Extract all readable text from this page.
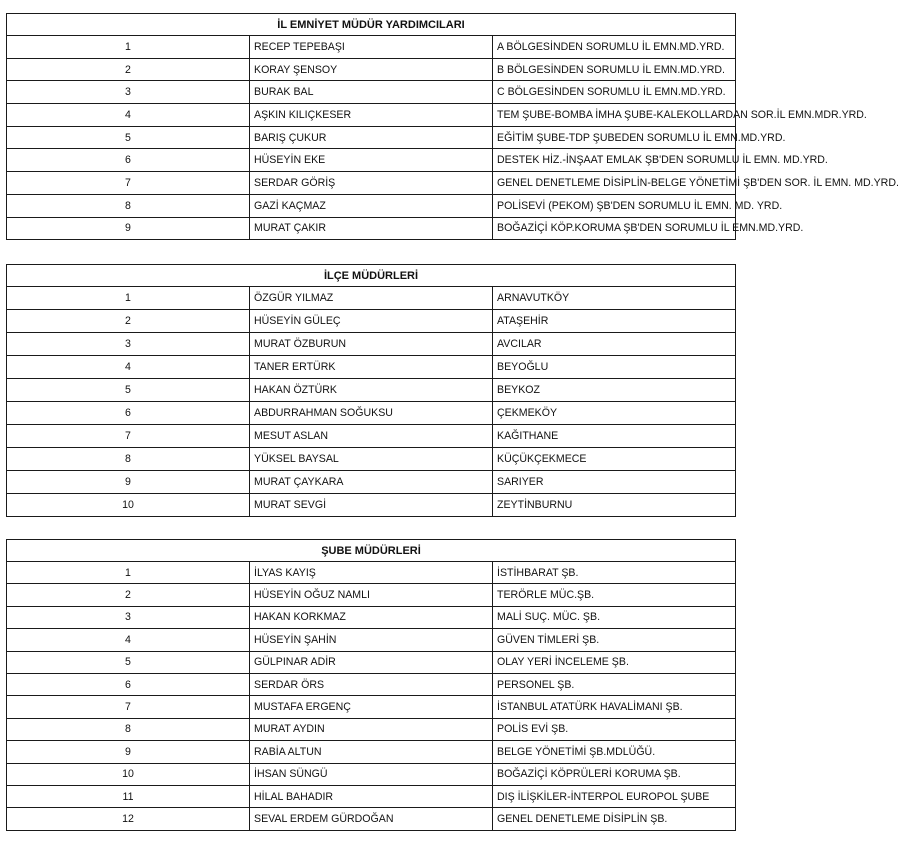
İL EMNİYET MÜDÜR YARDIMCILARI		
1	RECEP TEPEBAŞI	A BÖLGESİNDEN SORUMLU İL EMN.MD.YRD.
2	KORAY ŞENSOY	B BÖLGESİNDEN SORUMLU İL EMN.MD.YRD.
3	BURAK BAL	C BÖLGESİNDEN SORUMLU İL EMN.MD.YRD.
4	AŞKIN KILIÇKESER	TEM ŞUBE-BOMBA İMHA ŞUBE-KALEKOLLARDAN SOR.İL EMN.MDR.YRD.
5	BARIŞ ÇUKUR	EĞİTİM ŞUBE-TDP ŞUBEDEN SORUMLU İL EMN.MD.YRD.
6	HÜSEYİN EKE	DESTEK HİZ.-İNŞAAT EMLAK ŞB'DEN SORUMLU İL EMN. MD.YRD.
7	SERDAR GÖRİŞ	GENEL DENETLEME DİSİPLİN-BELGE YÖNETİMİ ŞB'DEN SOR. İL EMN. MD.YRD.
8	GAZİ KAÇMAZ	POLİSEVİ (PEKOM) ŞB'DEN SORUMLU İL EMN. MD. YRD.
9	MURAT ÇAKIR	BOĞAZİÇİ KÖP.KORUMA ŞB'DEN SORUMLU İL EMN.MD.YRD.
İLÇE MÜDÜRLERİ		
1	ÖZGÜR YILMAZ	ARNAVUTKÖY
2	HÜSEYİN GÜLEÇ	ATAŞEHİR
3	MURAT ÖZBURUN	AVCILAR
4	TANER ERTÜRK	BEYOĞLU
5	HAKAN ÖZTÜRK	BEYKOZ
6	ABDURRAHMAN SOĞUKSU	ÇEKMEKÖY
7	MESUT ASLAN	KAĞITHANE
8	YÜKSEL BAYSAL	KÜÇÜKÇEKMECE
9	MURAT ÇAYKARA	SARIYER
10	MURAT SEVGİ	ZEYTİNBURNU
ŞUBE MÜDÜRLERİ		
1	İLYAS KAYIŞ	İSTİHBARAT ŞB.
2	HÜSEYİN OĞUZ NAMLI	TERÖRLE MÜC.ŞB.
3	HAKAN KORKMAZ	MALİ SUÇ. MÜC. ŞB.
4	HÜSEYİN ŞAHİN	GÜVEN TİMLERİ ŞB.
5	GÜLPINAR ADİR	OLAY YERİ İNCELEME ŞB.
6	SERDAR ÖRS	PERSONEL ŞB.
7	MUSTAFA ERGENÇ	İSTANBUL ATATÜRK HAVALİMANI ŞB.
8	MURAT AYDIN	POLİS EVİ ŞB.
9	RABİA ALTUN	BELGE YÖNETİMİ ŞB.MDLÜĞÜ.
10	İHSAN SÜNGÜ	BOĞAZİÇİ KÖPRÜLERİ KORUMA ŞB.
11	HİLAL BAHADIR	DIŞ İLİŞKİLER-İNTERPOL EUROPOL ŞUBE
12	SEVAL ERDEM GÜRDOĞAN	GENEL DENETLEME DİSİPLİN ŞB.
